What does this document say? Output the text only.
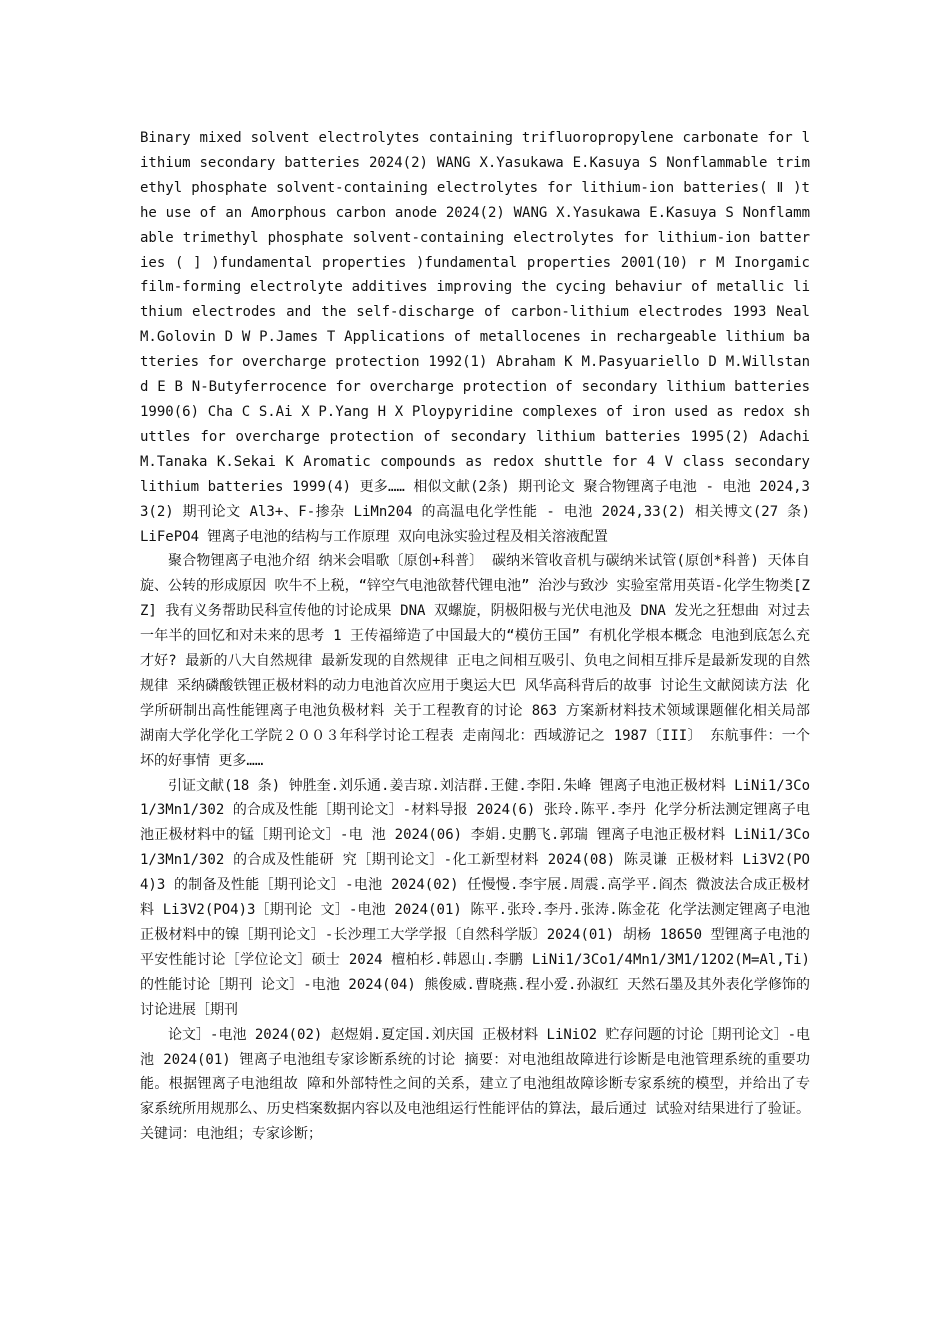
Binary mixed solvent electrolytes containing trifluoropropylene carbonate for lithium secondary batteries 2024(2) WANG X.Yasukawa E.Kasuya S Nonflammable trimethyl phosphate solvent-containing electrolytes for lithium-ion batteries( Ⅱ )the use of an Amorphous carbon anode 2024(2) WANG X.Yasukawa E.Kasuya S Nonflammable trimethyl phosphate solvent-containing electrolytes for lithium-ion batteries ( ] )fundamental properties )fundamental properties 2001(10) r M Inorgamic film-forming electrolyte additives improving the cycing behaviur of metallic lithium electrodes and the self-discharge of carbon-lithium electrodes 1993 Neal M.Golovin D W P.James T Applications of metallocenes in rechargeable lithium batteries for overcharge protection 1992(1) Abraham K M.Pasyuariello D M.Willstand E B N-Butyferrocence for overcharge protection of secondary lithium batteries 1990(6) Cha C S.Ai X P.Yang H X Ploypyridine complexes of iron used as redox shuttles for overcharge protection of secondary lithium batteries 1995(2) Adachi M.Tanaka K.Sekai K Aromatic compounds as redox shuttle for 4 V class secondary lithium batteries 1999(4) 更多…… 相似文献(2条) 期刊论文 聚合物锂离子电池 - 电池 2024,33(2) 期刊论文 Al3+、F-掺杂 LiMn204 的高温电化学性能 - 电池 2024,33(2) 相关博文(27 条) LiFePO4 锂离子电池的结构与工作原理 双向电泳实验过程及相关溶液配置

聚合物锂离子电池介绍 纳米会唱歌〔原创+科普〕 碳纳米管收音机与碳纳米试管(原创*科普) 天体自旋、公转的形成原因 吹牛不上税，“锌空气电池欲替代锂电池” 治沙与致沙 实验室常用英语-化学生物类[ZZ] 我有义务帮助民科宣传他的讨论成果 DNA 双螺旋，阴极阳极与光伏电池及 DNA 发光之狂想曲 对过去一年半的回忆和对未来的思考 1 王传福缔造了中国最大的“模仿王国” 有机化学根本概念 电池到底怎么充才好? 最新的八大自然规律 最新发现的自然规律 正电之间相互吸引、负电之间相互排斥是最新发现的自然规律 采纳磷酸铁锂正极材料的动力电池首次应用于奥运大巴 风华高科背后的故事 讨论生文献阅读方法 化学所研制出高性能锂离子电池负极材料 关于工程教育的讨论 863 方案新材料技术领域课题催化相关局部 湖南大学化学化工学院２００３年科学讨论工程表 走南闯北：西域游记之 1987〔III〕 东航事件：一个坏的好事情 更多……

引证文献(18 条) 钟胜奎.刘乐通.姜吉琼.刘洁群.王健.李阳.朱峰 锂离子电池正极材料 LiNi1/3Co1/3Mn1/302 的合成及性能［期刊论文］-材料导报 2024(6) 张玲.陈平.李丹 化学分析法测定锂离子电池正极材料中的锰［期刊论文］-电 池 2024(06) 李娟.史鹏飞.郭瑞 锂离子电池正极材料 LiNi1/3Co1/3Mn1/302 的合成及性能研 究［期刊论文］-化工新型材料 2024(08) 陈灵谦 正极材料 Li3V2(PO4)3 的制备及性能［期刊论文］-电池 2024(02) 任慢慢.李宇展.周震.高学平.阎杰 微波法合成正极材料 Li3V2(PO4)3［期刊论 文］-电池 2024(01) 陈平.张玲.李丹.张涛.陈金花 化学法测定锂离子电池正极材料中的镍［期刊论文］-长沙理工大学学报〔自然科学版〕2024(01) 胡杨 18650 型锂离子电池的平安性能讨论［学位论文］硕士 2024 檀柏杉.韩恩山.李鹏 LiNi1/3Co1/4Mn1/3M1/12O2(M=Al,Ti)的性能讨论［期刊 论文］-电池 2024(04) 熊俊威.曹晓燕.程小爱.孙淑红 天然石墨及其外表化学修饰的讨论进展［期刊

论文］-电池 2024(02) 赵煜娟.夏定国.刘庆国 正极材料 LiNiO2 贮存问题的讨论［期刊论文］-电池 2024(01) 锂离子电池组专家诊断系统的讨论 摘要：对电池组故障进行诊断是电池管理系统的重要功能。根据锂离子电池组故 障和外部特性之间的关系，建立了电池组故障诊断专家系统的模型，并给出了专 家系统所用规那么、历史档案数据内容以及电池组运行性能评估的算法，最后通过 试验对结果进行了验证。 关键词：电池组；专家诊断；
